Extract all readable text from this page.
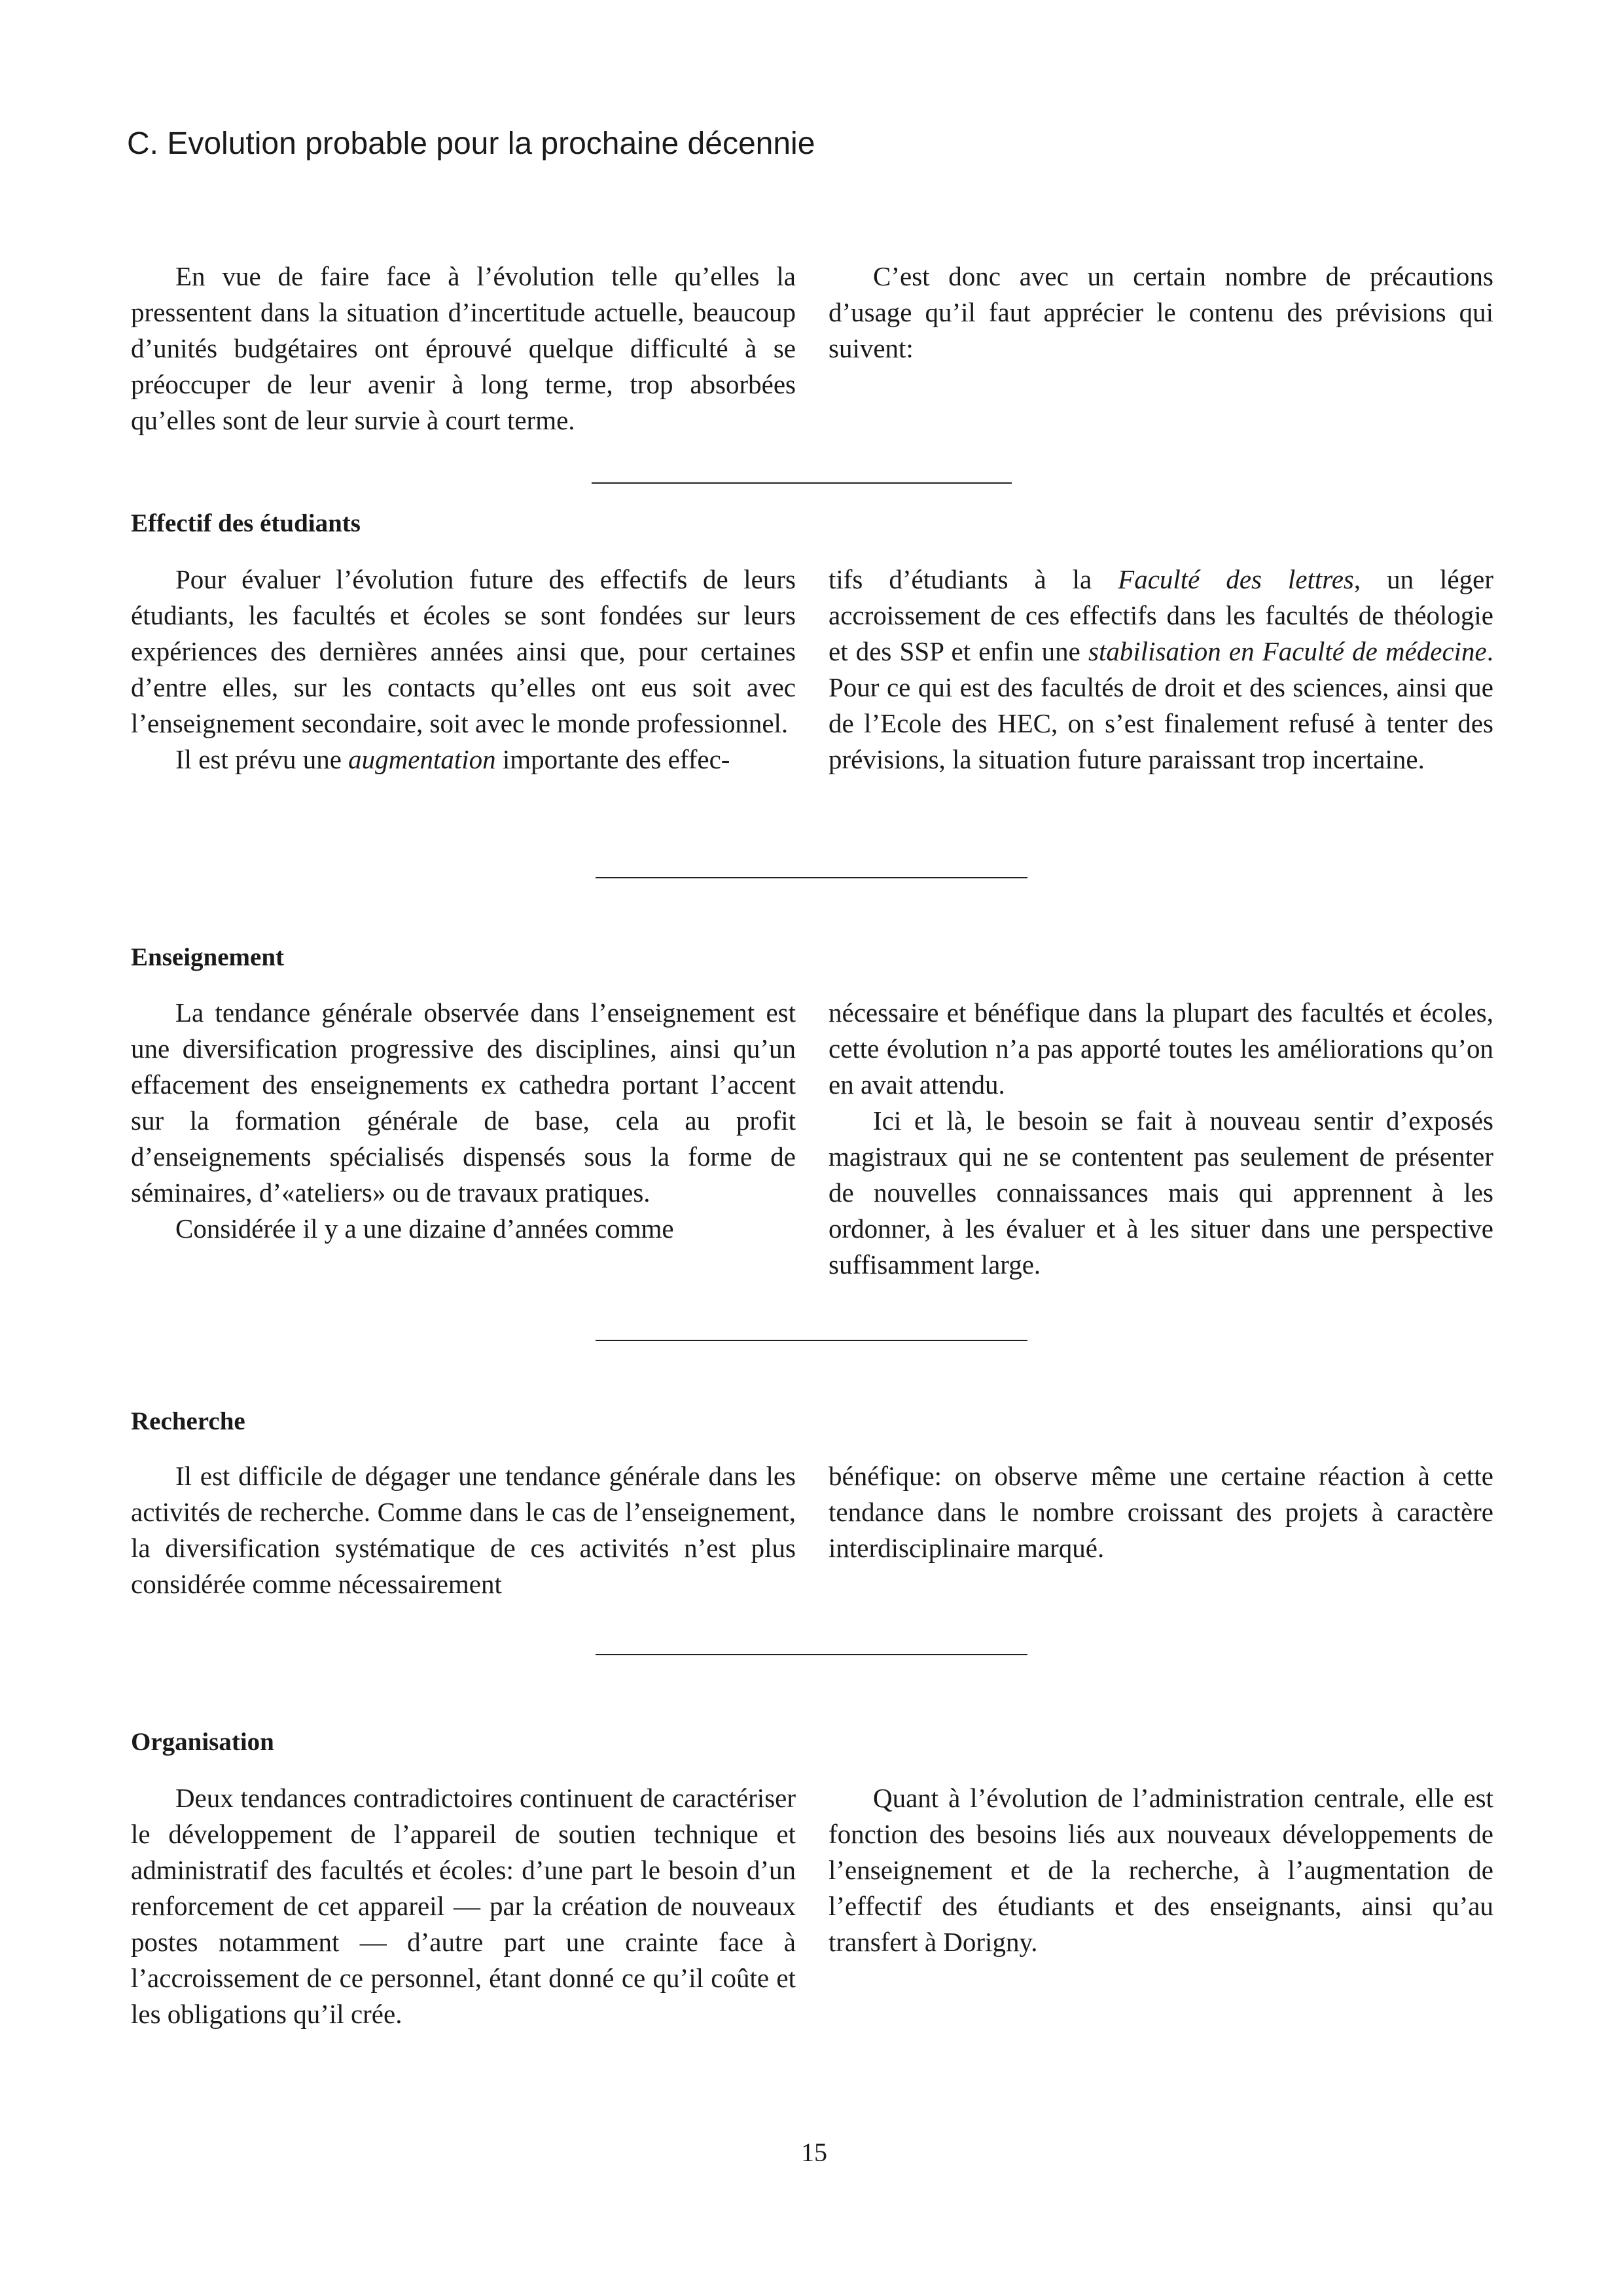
C. Evolution probable pour la prochaine décennie

En vue de faire face à l’évolution telle qu’elles la pressentent dans la situation d’incertitude actuelle, beaucoup d’unités budgétaires ont éprouvé quelque difficulté à se préoccuper de leur avenir à long terme, trop absorbées qu’elles sont de leur survie à court terme.

C’est donc avec un certain nombre de précautions d’usage qu’il faut apprécier le contenu des prévisions qui suivent:

Effectif des étudiants

Pour évaluer l’évolution future des effectifs de leurs étudiants, les facultés et écoles se sont fondées sur leurs expériences des dernières années ainsi que, pour certaines d’entre elles, sur les contacts qu’elles ont eus soit avec l’enseignement secondaire, soit avec le monde professionnel.

Il est prévu une augmentation importante des effec-

tifs d’étudiants à la Faculté des lettres, un léger accroissement de ces effectifs dans les facultés de théologie et des SSP et enfin une stabilisation en Faculté de médecine. Pour ce qui est des facultés de droit et des sciences, ainsi que de l’Ecole des HEC, on s’est finalement refusé à tenter des prévisions, la situation future paraissant trop incertaine.

Enseignement

La tendance générale observée dans l’enseignement est une diversification progressive des disciplines, ainsi qu’un effacement des enseignements ex cathedra portant l’accent sur la formation générale de base, cela au profit d’enseignements spécialisés dispensés sous la forme de séminaires, d’«ateliers» ou de travaux pratiques.

Considérée il y a une dizaine d’années comme

nécessaire et bénéfique dans la plupart des facultés et écoles, cette évolution n’a pas apporté toutes les améliorations qu’on en avait attendu.

Ici et là, le besoin se fait à nouveau sentir d’exposés magistraux qui ne se contentent pas seulement de présenter de nouvelles connaissances mais qui apprennent à les ordonner, à les évaluer et à les situer dans une perspective suffisamment large.

Recherche

Il est difficile de dégager une tendance générale dans les activités de recherche. Comme dans le cas de l’enseignement, la diversification systématique de ces activités n’est plus considérée comme nécessairement

bénéfique: on observe même une certaine réaction à cette tendance dans le nombre croissant des projets à caractère interdisciplinaire marqué.

Organisation

Deux tendances contradictoires continuent de caractériser le développement de l’appareil de soutien technique et administratif des facultés et écoles: d’une part le besoin d’un renforcement de cet appareil — par la création de nouveaux postes notamment — d’autre part une crainte face à l’accroissement de ce personnel, étant donné ce qu’il coûte et les obligations qu’il crée.

Quant à l’évolution de l’administration centrale, elle est fonction des besoins liés aux nouveaux développements de l’enseignement et de la recherche, à l’augmentation de l’effectif des étudiants et des enseignants, ainsi qu’au transfert à Dorigny.

15
